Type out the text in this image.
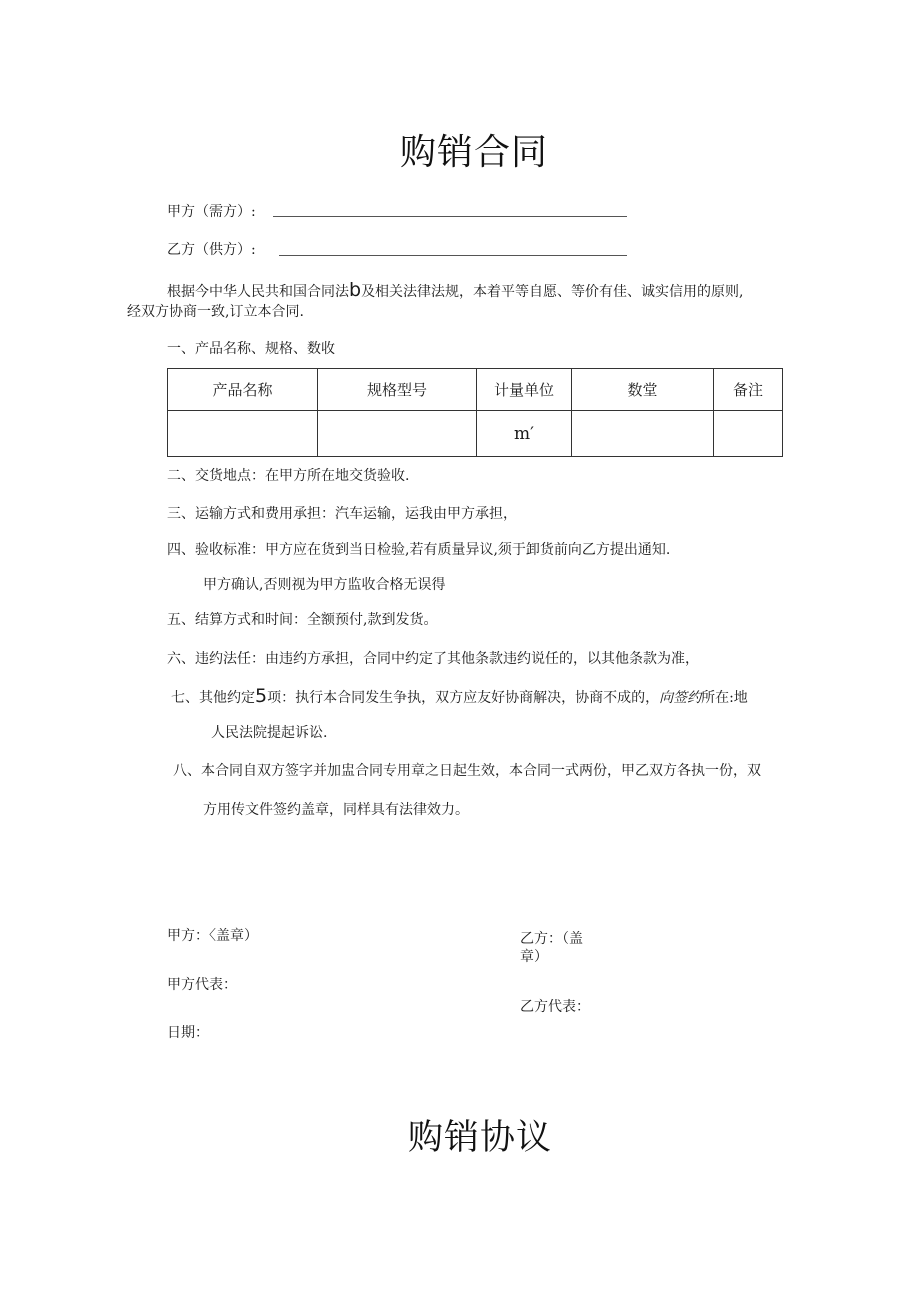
购销合同
甲方（需方）:
乙方（供方）:
根据今中华人民共和国合同法b及相关法律法规，本着平等自愿、等价有佳、诚实信用的原则,
经双方协商一致,订立本合同.
一、产品名称、规格、数收
产品名称	规格型号	计量单位	数堂	备注
		m′		
二、交货地点：在甲方所在地交货验收.
三、运输方式和费用承担：汽车运输，运我由甲方承担，
四、验收标准：甲方应在货到当日检验,若有质量异议,须于卸货前向乙方提出通知.
甲方确认,否则视为甲方监收合格无误得
五、结算方式和时间：全额预付,款到发货。
六、违约法任：由违约方承担，合同中约定了其他条款违约说任的，以其他条款为准，
七、其他约定5项：执行本合同发生争执，双方应友好协商解决，协商不成的，向签约所在:地
人民法院提起诉讼.
八、本合同自双方签字并加盅合同专用章之日起生效，本合同一式两份，甲乙双方各执一份，双
方用传文件签约盖章，同样具有法律效力。
甲方：〈盖章）	乙方：（盖
章）
甲方代表：
乙方代表：
日期：
购销协议
